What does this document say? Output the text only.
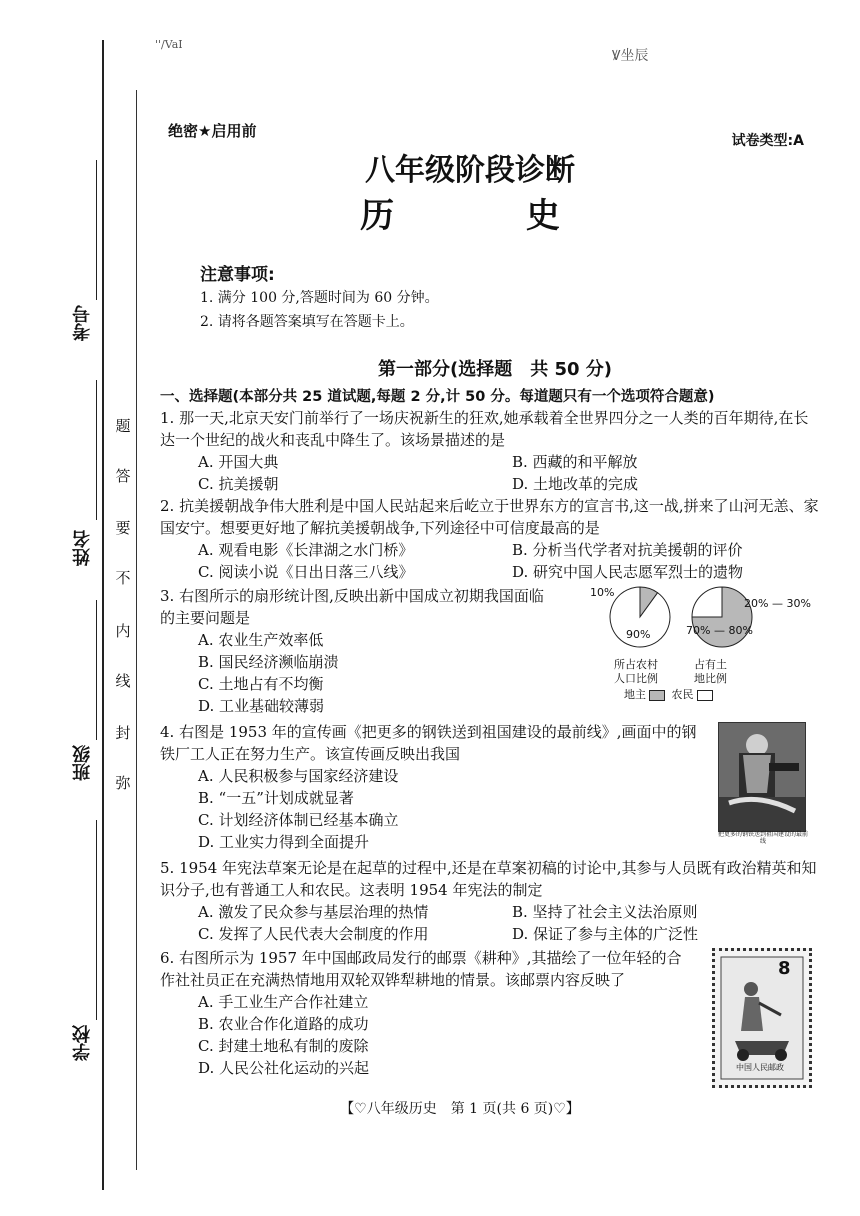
考号
姓名
班级
学校
题
答
要
不
内
线
封
弥
ꞌꞌ/VaI
Ꝟ坐辰
绝密★启用前
试卷类型:A
八年级阶段诊断
历 史
注意事项:
1. 满分 100 分,答题时间为 60 分钟。
2. 请将各题答案填写在答题卡上。
第一部分(选择题　共 50 分)
一、选择题(本部分共 25 道试题,每题 2 分,计 50 分。每道题只有一个选项符合题意)
1. 那一天,北京天安门前举行了一场庆祝新生的狂欢,她承载着全世界四分之一人类的百年期待,在长达一个世纪的战火和丧乱中降生了。该场景描述的是
A. 开国大典	B. 西藏的和平解放
C. 抗美援朝	D. 土地改革的完成
2. 抗美援朝战争伟大胜利是中国人民站起来后屹立于世界东方的宣言书,这一战,拼来了山河无恙、家国安宁。想要更好地了解抗美援朝战争,下列途径中可信度最高的是
A. 观看电影《长津湖之水门桥》	B. 分析当代学者对抗美援朝的评价
C. 阅读小说《日出日落三八线》	D. 研究中国人民志愿军烈士的遗物
3. 右图所示的扇形统计图,反映出新中国成立初期我国面临
的主要问题是
A. 农业生产效率低
B. 国民经济濒临崩溃
C. 土地占有不均衡
D. 工业基础较薄弱
10%
90%
20% — 30%
70% — 80%
所占农村
人口比例
占有土
地比例
地主 农民
4. 右图是 1953 年的宣传画《把更多的钢铁送到祖国建设的最前线》,画面中的钢
铁厂工人正在努力生产。该宣传画反映出我国
A. 人民积极参与国家经济建设
B. “一五”计划成就显著
C. 计划经济体制已经基本确立
D. 工业实力得到全面提升	把更多的钢铁送到祖国建设的最前线
5. 1954 年宪法草案无论是在起草的过程中,还是在草案初稿的讨论中,其参与人员既有政治精英和知识分子,也有普通工人和农民。这表明 1954 年宪法的制定
A. 激发了民众参与基层治理的热情	B. 坚持了社会主义法治原则
C. 发挥了人民代表大会制度的作用	D. 保证了参与主体的广泛性
6. 右图所示为 1957 年中国邮政局发行的邮票《耕种》,其描绘了一位年轻的合
作社社员正在充满热情地用双轮双铧犁耕地的情景。该邮票内容反映了
A. 手工业生产合作社建立
B. 农业合作化道路的成功
C. 封建土地私有制的废除
D. 人民公社化运动的兴起
8
中国人民邮政
【♡八年级历史　第 1 页(共 6 页)♡】
